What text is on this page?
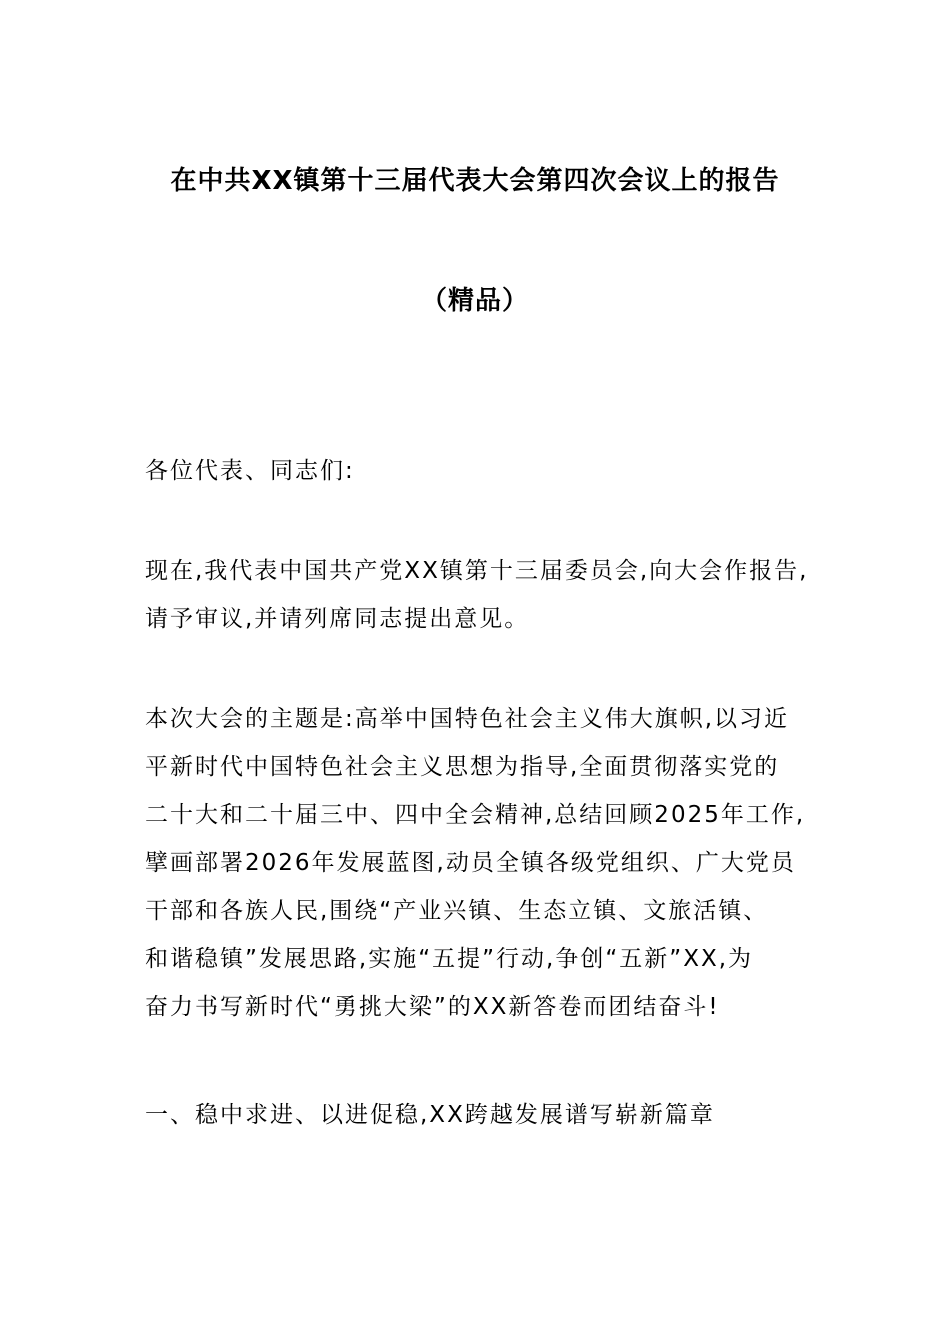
在中共XX镇第十三届代表大会第四次会议上的报告
（精品）
各位代表、同志们:
现在,我代表中国共产党XX镇第十三届委员会,向大会作报告,
请予审议,并请列席同志提出意见。
本次大会的主题是:高举中国特色社会主义伟大旗帜,以习近
平新时代中国特色社会主义思想为指导,全面贯彻落实党的
二十大和二十届三中、四中全会精神,总结回顾2025年工作,
擘画部署2026年发展蓝图,动员全镇各级党组织、广大党员
干部和各族人民,围绕“产业兴镇、生态立镇、文旅活镇、
和谐稳镇”发展思路,实施“五提”行动,争创“五新”XX,为
奋力书写新时代“勇挑大梁”的XX新答卷而团结奋斗!
一、稳中求进、以进促稳,XX跨越发展谱写崭新篇章
